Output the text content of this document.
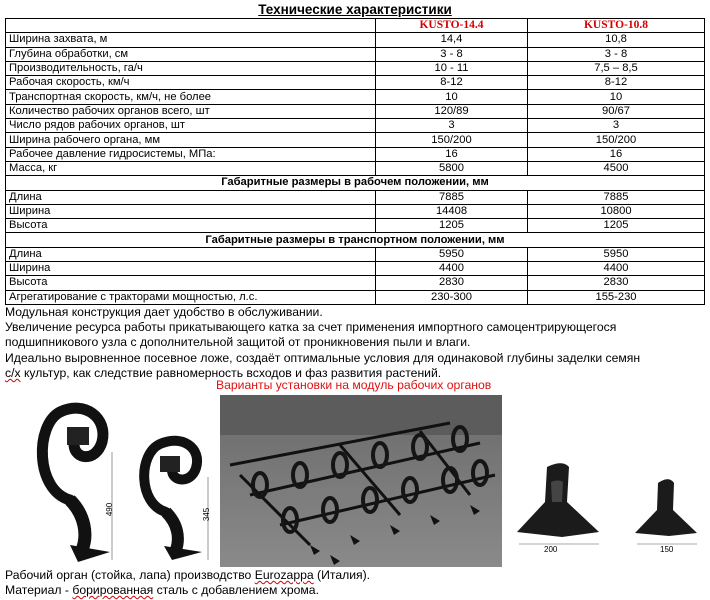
Технические характеристики
	KUSTO-14.4	KUSTO-10.8
Ширина захвата, м	14,4	10,8
Глубина обработки, см	3 - 8	3 - 8
Производительность, га/ч	10 - 11	7,5 – 8,5
Рабочая скорость, км/ч	8-12	8-12
Транспортная скорость, км/ч, не более	10	10
Количество рабочих органов всего, шт	120/89	90/67
Число рядов рабочих органов, шт	3	3
Ширина рабочего органа, мм	150/200	150/200
Рабочее давление гидросистемы, МПа:	16	16
Масса, кг	5800	4500
Габаритные размеры в рабочем положении, мм		
Длина	7885	7885
Ширина	14408	10800
Высота	1205	1205
Габаритные размеры в транспортном положении, мм		
Длина	5950	5950
Ширина	4400	4400
Высота	2830	2830
Агрегатирование с тракторами мощностью, л.с.	230-300	155-230
Модульная конструкция дает удобство в обслуживании.
Увеличение ресурса работы прикатывающего катка за счет применения импортного самоцентрирующегося
подшипникового узла с дополнительной защитой от проникновения пыли и влаги.
Идеально выровненное посевное ложе, создаёт оптимальные условия для одинаковой глубины заделки семян
с/х культур, как следствие равномерность всходов и фаз развития растений.
Варианты установки на модуль рабочих органов
490	345
200	150
Рабочий орган (стойка, лапа) производство Eurozappa (Италия).
Материал - борированная сталь с добавлением хрома.
